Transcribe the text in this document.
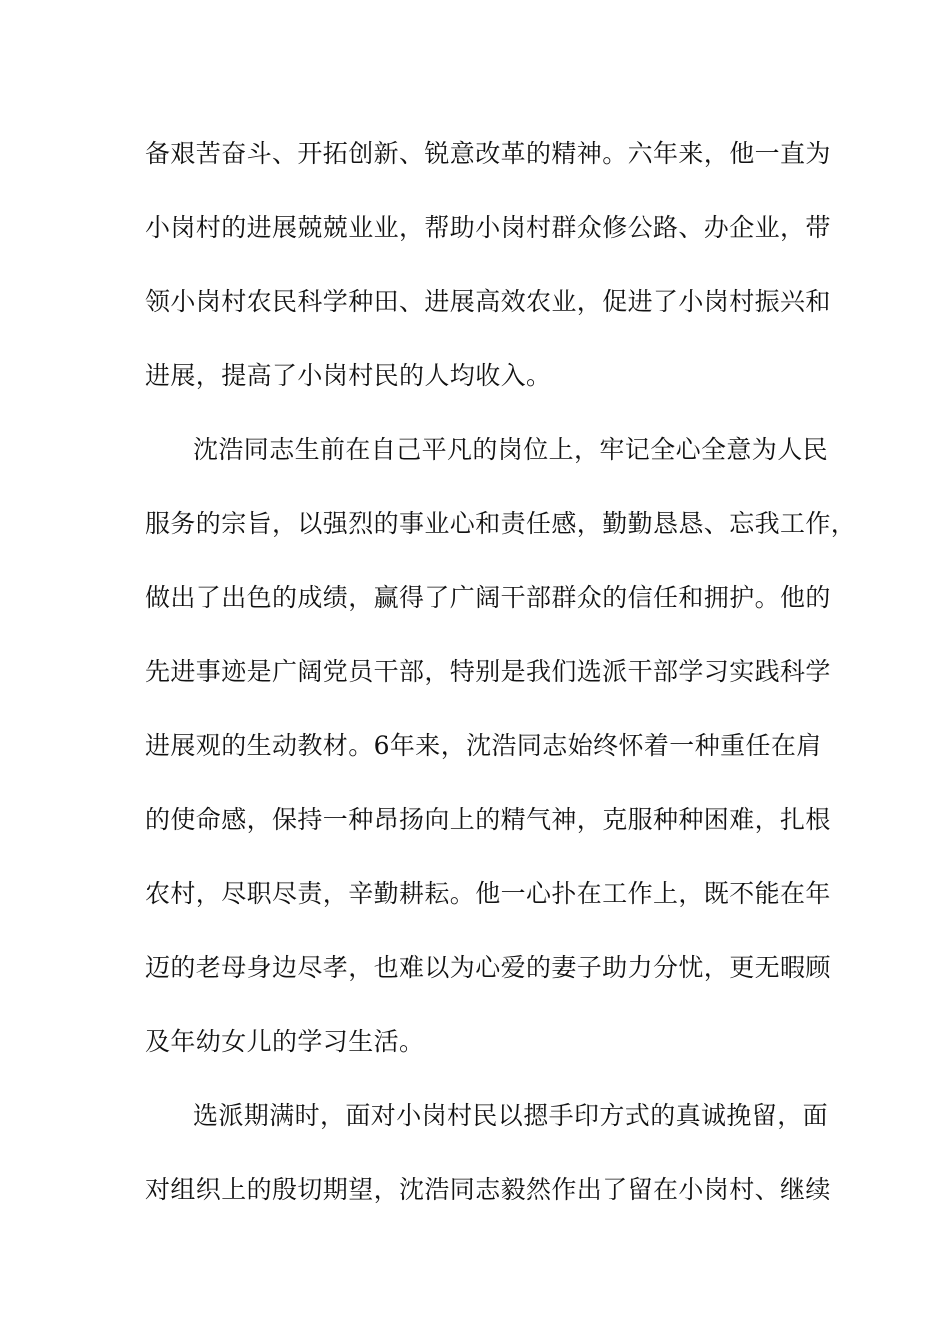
备艰苦奋斗、开拓创新、锐意改革的精神。六年来，他一直为
小岗村的进展兢兢业业，帮助小岗村群众修公路、办企业，带
领小岗村农民科学种田、进展高效农业，促进了小岗村振兴和
进展，提高了小岗村民的人均收入。
沈浩同志生前在自己平凡的岗位上，牢记全心全意为人民
服务的宗旨，以强烈的事业心和责任感，勤勤恳恳、忘我工作，
做出了出色的成绩，赢得了广阔干部群众的信任和拥护。他的
先进事迹是广阔党员干部，特别是我们选派干部学习实践科学
进展观的生动教材。6年来，沈浩同志始终怀着一种重任在肩
的使命感，保持一种昂扬向上的精气神，克服种种困难，扎根
农村，尽职尽责，辛勤耕耘。他一心扑在工作上，既不能在年
迈的老母身边尽孝，也难以为心爱的妻子助力分忧，更无暇顾
及年幼女儿的学习生活。
选派期满时，面对小岗村民以摁手印方式的真诚挽留，面
对组织上的殷切期望，沈浩同志毅然作出了留在小岗村、继续
